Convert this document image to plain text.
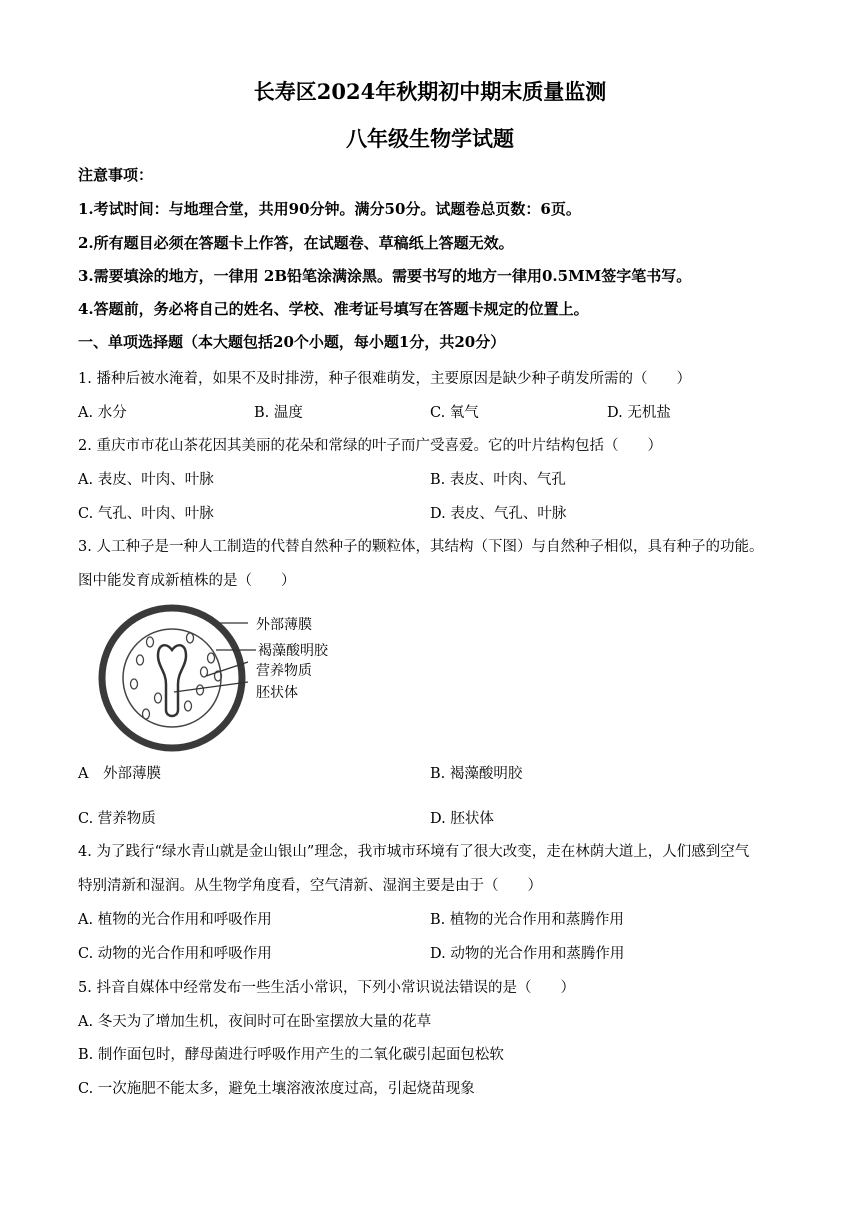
长寿区2024年秋期初中期末质量监测
八年级生物学试题
注意事项：
1.考试时间：与地理合堂，共用90分钟。满分50分。试题卷总页数：6页。
2.所有题目必须在答题卡上作答，在试题卷、草稿纸上答题无效。
3.需要填涂的地方，一律用 2B铅笔涂满涂黑。需要书写的地方一律用0.5MM签字笔书写。
4.答题前，务必将自己的姓名、学校、准考证号填写在答题卡规定的位置上。
一、单项选择题（本大题包括20个小题，每小题1分，共20分）
1. 播种后被水淹着，如果不及时排涝，种子很难萌发，主要原因是缺少种子萌发所需的（　　）
A. 水分	B. 温度	C. 氧气	D. 无机盐
2. 重庆市市花山茶花因其美丽的花朵和常绿的叶子而广受喜爱。它的叶片结构包括（　　）
A. 表皮、叶肉、叶脉	B. 表皮、叶肉、气孔
C. 气孔、叶肉、叶脉	D. 表皮、气孔、叶脉
3. 人工种子是一种人工制造的代替自然种子的颗粒体，其结构（下图）与自然种子相似，具有种子的功能。
图中能发育成新植株的是（　　）
外部薄膜
褐藻酸明胶
营养物质
胚状体
A　外部薄膜	B. 褐藻酸明胶
C. 营养物质	D. 胚状体
4. 为了践行“绿水青山就是金山银山”理念，我市城市环境有了很大改变，走在林荫大道上，人们感到空气
特别清新和湿润。从生物学角度看，空气清新、湿润主要是由于（　　）
A. 植物的光合作用和呼吸作用	B. 植物的光合作用和蒸腾作用
C. 动物的光合作用和呼吸作用	D. 动物的光合作用和蒸腾作用
5. 抖音自媒体中经常发布一些生活小常识，下列小常识说法错误的是（　　）
A. 冬天为了增加生机，夜间时可在卧室摆放大量的花草
B. 制作面包时，酵母菌进行呼吸作用产生的二氧化碳引起面包松软
C. 一次施肥不能太多，避免土壤溶液浓度过高，引起烧苗现象
